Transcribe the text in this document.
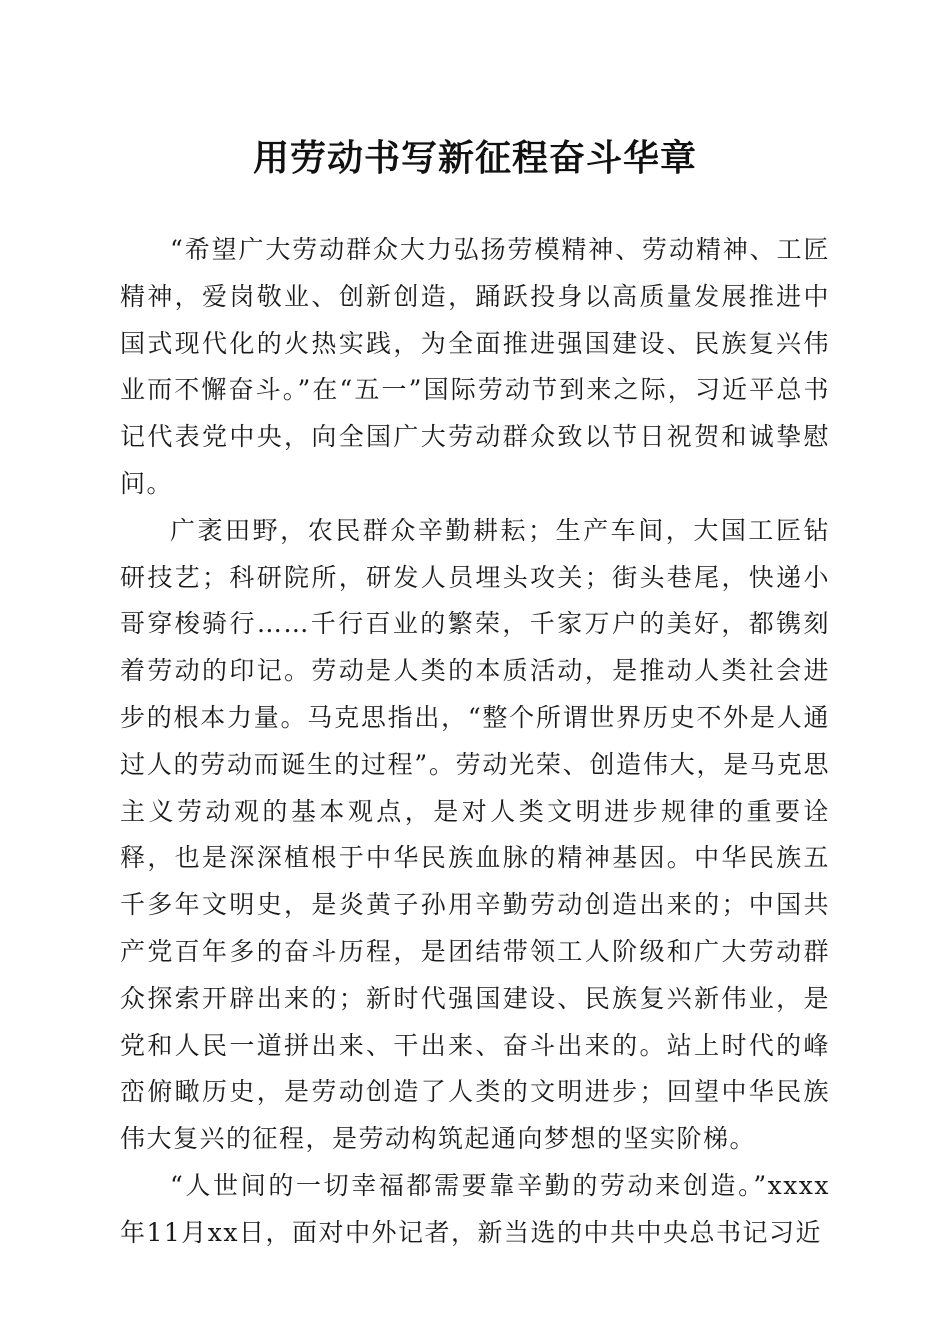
用劳动书写新征程奋斗华章

“希望广大劳动群众大力弘扬劳模精神、劳动精神、工匠精神，爱岗敬业、创新创造，踊跃投身以高质量发展推进中国式现代化的火热实践，为全面推进强国建设、民族复兴伟业而不懈奋斗。”在“五一”国际劳动节到来之际，习近平总书记代表党中央，向全国广大劳动群众致以节日祝贺和诚挚慰问。

广袤田野，农民群众辛勤耕耘；生产车间，大国工匠钻研技艺；科研院所，研发人员埋头攻关；街头巷尾，快递小哥穿梭骑行……千行百业的繁荣，千家万户的美好，都镌刻着劳动的印记。劳动是人类的本质活动，是推动人类社会进步的根本力量。马克思指出，“整个所谓世界历史不外是人通过人的劳动而诞生的过程”。劳动光荣、创造伟大，是马克思主义劳动观的基本观点，是对人类文明进步规律的重要诠释，也是深深植根于中华民族血脉的精神基因。中华民族五千多年文明史，是炎黄子孙用辛勤劳动创造出来的；中国共产党百年多的奋斗历程，是团结带领工人阶级和广大劳动群众探索开辟出来的；新时代强国建设、民族复兴新伟业，是党和人民一道拼出来、干出来、奋斗出来的。站上时代的峰峦俯瞰历史，是劳动创造了人类的文明进步；回望中华民族伟大复兴的征程，是劳动构筑起通向梦想的坚实阶梯。

“人世间的一切幸福都需要靠辛勤的劳动来创造。”xxxx年11月xx日，面对中外记者，新当选的中共中央总书记习近
